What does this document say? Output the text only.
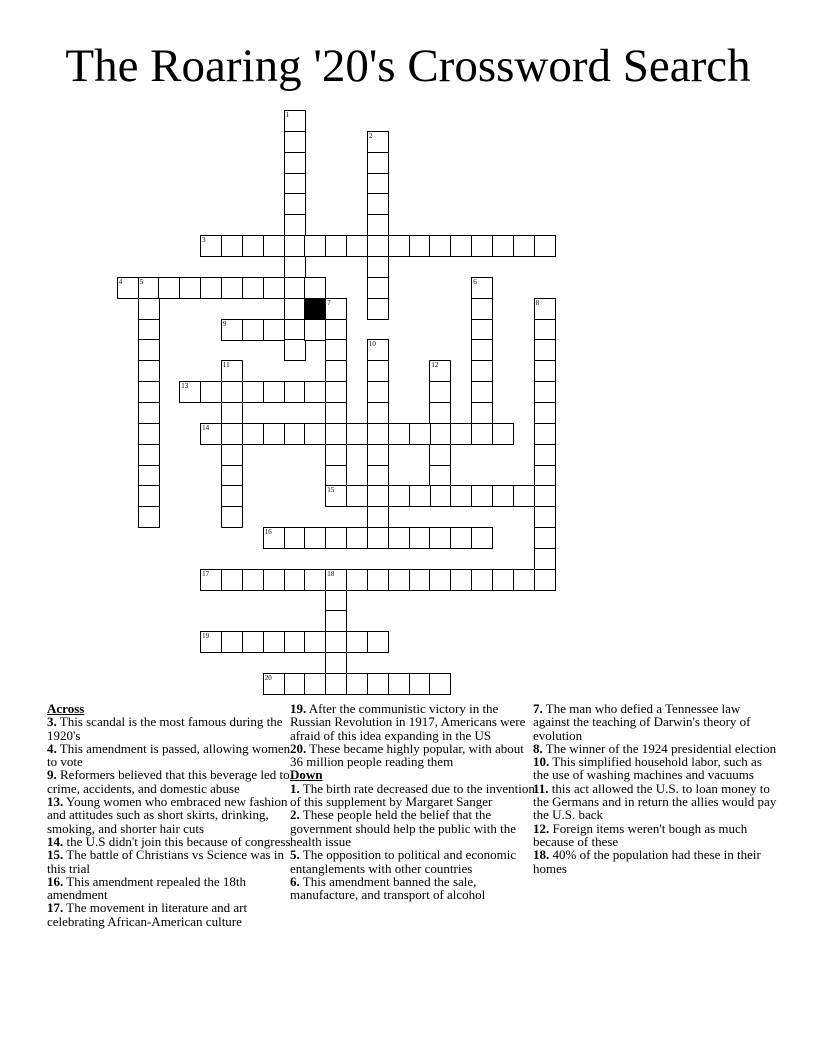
The Roaring '20's Crossword Search
1
2
3
4 5	6
7
15
8
9
10
11	12
13
14
16
17	18
19
20
Across
3. This scandal is the most famous during the 1920's
4. This amendment is passed, allowing women to vote
9. Reformers believed that this beverage led to crime, accidents, and domestic abuse
13. Young women who embraced new fashion and attitudes such as short skirts, drinking, smoking, and shorter hair cuts
14. the U.S didn't join this because of congress
15. The battle of Christians vs Science was in this trial
16. This amendment repealed the 18th amendment
17. The movement in literature and art celebrating African-American culture
19. After the communistic victory in the Russian Revolution in 1917, Americans were afraid of this idea expanding in the US
20. These became highly popular, with about 36 million people reading them
Down
1. The birth rate decreased due to the invention of this supplement by Margaret Sanger
2. These people held the belief that the government should help the public with the health issue
5. The opposition to political and economic entanglements with other countries
6. This amendment banned the sale, manufacture, and transport of alcohol
7. The man who defied a Tennessee law against the teaching of Darwin's theory of evolution
8. The winner of the 1924 presidential election
10. This simplified household labor, such as the use of washing machines and vacuums
11. this act allowed the U.S. to loan money to the Germans and in return the allies would pay the U.S. back
12. Foreign items weren't bough as much because of these
18. 40% of the population had these in their homes
